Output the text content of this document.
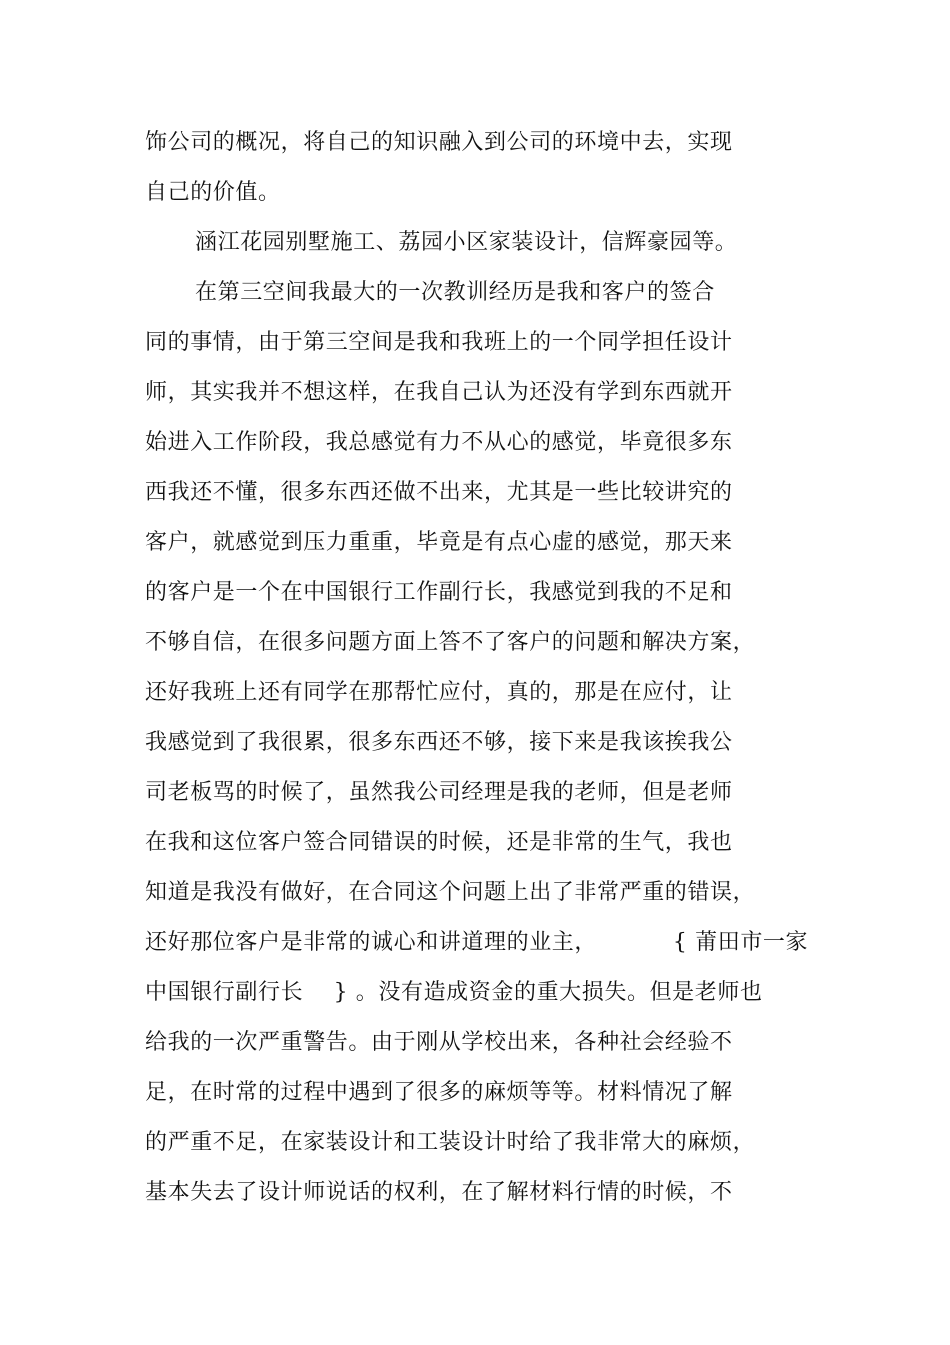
饰公司的概况，将自己的知识融入到公司的环境中去，实现
自己的价值。
涵江花园别墅施工、荔园小区家装设计，信辉豪园等。
在第三空间我最大的一次教训经历是我和客户的签合
同的事情，由于第三空间是我和我班上的一个同学担任设计
师，其实我并不想这样，在我自己认为还没有学到东西就开
始进入工作阶段，我总感觉有力不从心的感觉，毕竟很多东
西我还不懂，很多东西还做不出来，尤其是一些比较讲究的
客户，就感觉到压力重重，毕竟是有点心虚的感觉，那天来
的客户是一个在中国银行工作副行长，我感觉到我的不足和
不够自信，在很多问题方面上答不了客户的问题和解决方案，
还好我班上还有同学在那帮忙应付，真的，那是在应付，让
我感觉到了我很累，很多东西还不够，接下来是我该挨我公
司老板骂的时候了，虽然我公司经理是我的老师，但是老师
在我和这位客户签合同错误的时候，还是非常的生气，我也
知道是我没有做好，在合同这个问题上出了非常严重的错误，
还好那位客户是非常的诚心和讲道理的业主，          { 莆田市一家
中国银行副行长    } 。没有造成资金的重大损失。但是老师也
给我的一次严重警告。由于刚从学校出来，各种社会经验不
足，在时常的过程中遇到了很多的麻烦等等。材料情况了解
的严重不足，在家装设计和工装设计时给了我非常大的麻烦，
基本失去了设计师说话的权利，在了解材料行情的时候，不
